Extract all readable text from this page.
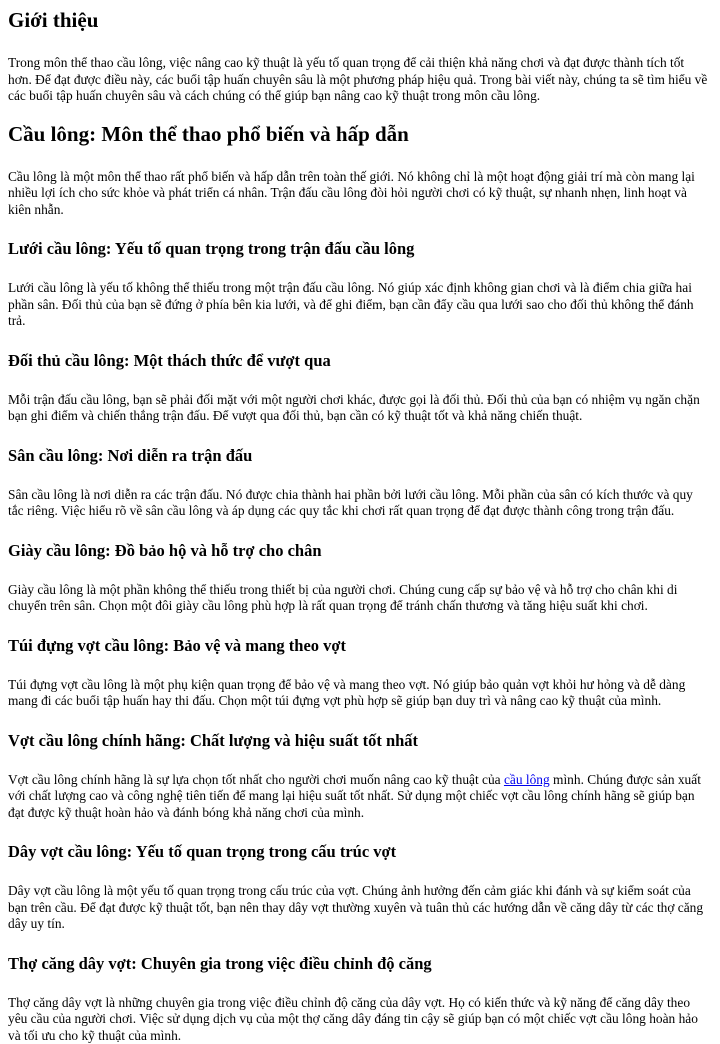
Giới thiệu

Trong môn thể thao cầu lông, việc nâng cao kỹ thuật là yếu tố quan trọng để cải thiện khả năng chơi và đạt được thành tích tốt hơn. Để đạt được điều này, các buổi tập huấn chuyên sâu là một phương pháp hiệu quả. Trong bài viết này, chúng ta sẽ tìm hiểu về các buổi tập huấn chuyên sâu và cách chúng có thể giúp bạn nâng cao kỹ thuật trong môn cầu lông.

Cầu lông: Môn thể thao phổ biến và hấp dẫn

Cầu lông là một môn thể thao rất phổ biến và hấp dẫn trên toàn thế giới. Nó không chỉ là một hoạt động giải trí mà còn mang lại nhiều lợi ích cho sức khỏe và phát triển cá nhân. Trận đấu cầu lông đòi hỏi người chơi có kỹ thuật, sự nhanh nhẹn, linh hoạt và kiên nhẫn.

Lưới cầu lông: Yếu tố quan trọng trong trận đấu cầu lông

Lưới cầu lông là yếu tố không thể thiếu trong một trận đấu cầu lông. Nó giúp xác định không gian chơi và là điểm chia giữa hai phần sân. Đối thủ của bạn sẽ đứng ở phía bên kia lưới, và để ghi điểm, bạn cần đẩy cầu qua lưới sao cho đối thủ không thể đánh trả.

Đối thủ cầu lông: Một thách thức để vượt qua

Mỗi trận đấu cầu lông, bạn sẽ phải đối mặt với một người chơi khác, được gọi là đối thủ. Đối thủ của bạn có nhiệm vụ ngăn chặn bạn ghi điểm và chiến thắng trận đấu. Để vượt qua đối thủ, bạn cần có kỹ thuật tốt và khả năng chiến thuật.

Sân cầu lông: Nơi diễn ra trận đấu

Sân cầu lông là nơi diễn ra các trận đấu. Nó được chia thành hai phần bởi lưới cầu lông. Mỗi phần của sân có kích thước và quy tắc riêng. Việc hiểu rõ về sân cầu lông và áp dụng các quy tắc khi chơi rất quan trọng để đạt được thành công trong trận đấu.

Giày cầu lông: Đồ bảo hộ và hỗ trợ cho chân

Giày cầu lông là một phần không thể thiếu trong thiết bị của người chơi. Chúng cung cấp sự bảo vệ và hỗ trợ cho chân khi di chuyển trên sân. Chọn một đôi giày cầu lông phù hợp là rất quan trọng để tránh chấn thương và tăng hiệu suất khi chơi.

Túi đựng vợt cầu lông: Bảo vệ và mang theo vợt

Túi đựng vợt cầu lông là một phụ kiện quan trọng để bảo vệ và mang theo vợt. Nó giúp bảo quản vợt khỏi hư hỏng và dễ dàng mang đi các buổi tập huấn hay thi đấu. Chọn một túi đựng vợt phù hợp sẽ giúp bạn duy trì và nâng cao kỹ thuật của mình.

Vợt cầu lông chính hãng: Chất lượng và hiệu suất tốt nhất

Vợt cầu lông chính hãng là sự lựa chọn tốt nhất cho người chơi muốn nâng cao kỹ thuật của cầu lông mình. Chúng được sản xuất với chất lượng cao và công nghệ tiên tiến để mang lại hiệu suất tốt nhất. Sử dụng một chiếc vợt cầu lông chính hãng sẽ giúp bạn đạt được kỹ thuật hoàn hảo và đánh bóng khả năng chơi của mình.

Dây vợt cầu lông: Yếu tố quan trọng trong cấu trúc vợt

Dây vợt cầu lông là một yếu tố quan trọng trong cấu trúc của vợt. Chúng ảnh hưởng đến cảm giác khi đánh và sự kiểm soát của bạn trên cầu. Để đạt được kỹ thuật tốt, bạn nên thay dây vợt thường xuyên và tuân thủ các hướng dẫn về căng dây từ các thợ căng dây uy tín.

Thợ căng dây vợt: Chuyên gia trong việc điều chỉnh độ căng

Thợ căng dây vợt là những chuyên gia trong việc điều chỉnh độ căng của dây vợt. Họ có kiến thức và kỹ năng để căng dây theo yêu cầu của người chơi. Việc sử dụng dịch vụ của một thợ căng dây đáng tin cậy sẽ giúp bạn có một chiếc vợt cầu lông hoàn hảo và tối ưu cho kỹ thuật của mình.
